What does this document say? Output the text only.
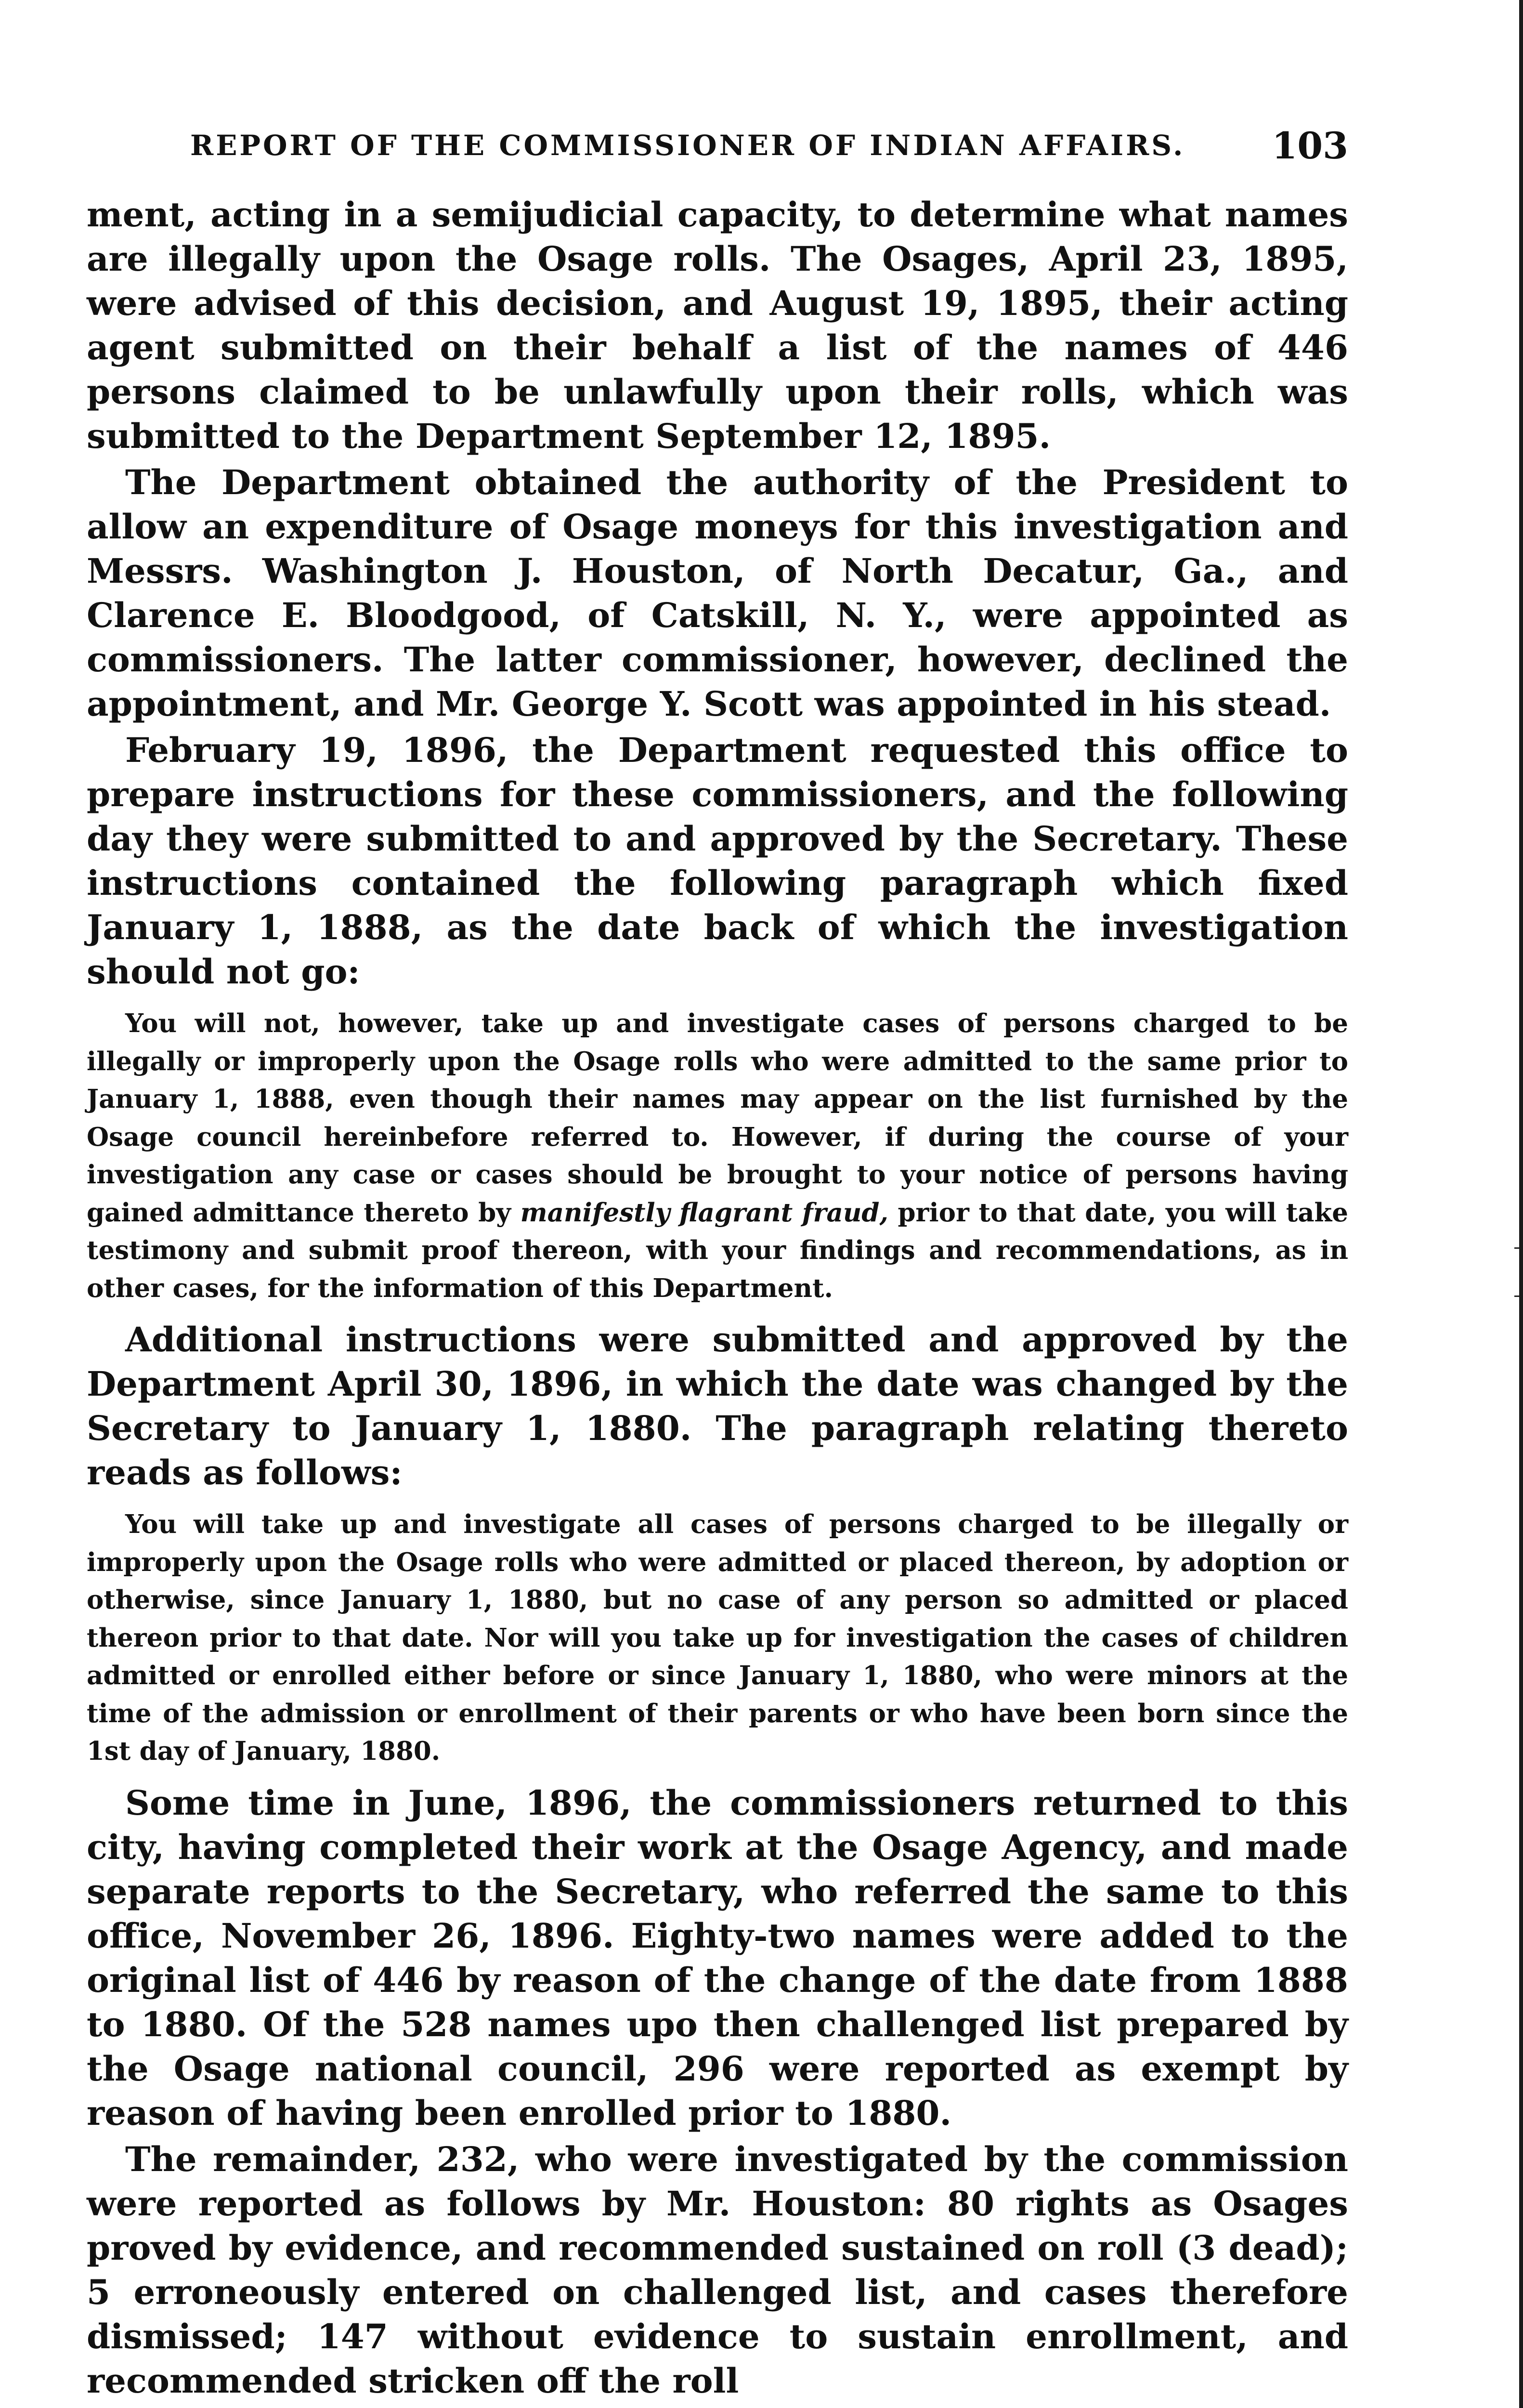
REPORT OF THE COMMISSIONER OF INDIAN AFFAIRS. 103

ment, acting in a semijudicial capacity, to determine what names are illegally upon the Osage rolls. The Osages, April 23, 1895, were advised of this decision, and August 19, 1895, their acting agent submitted on their behalf a list of the names of 446 persons claimed to be unlawfully upon their rolls, which was submitted to the Department September 12, 1895.

The Department obtained the authority of the President to allow an expenditure of Osage moneys for this investigation and Messrs. Washington J. Houston, of North Decatur, Ga., and Clarence E. Bloodgood, of Catskill, N. Y., were appointed as commissioners. The latter commissioner, however, declined the appointment, and Mr. George Y. Scott was appointed in his stead.

February 19, 1896, the Department requested this office to prepare instructions for these commissioners, and the following day they were submitted to and approved by the Secretary. These instructions contained the following paragraph which fixed January 1, 1888, as the date back of which the investigation should not go:

You will not, however, take up and investigate cases of persons charged to be illegally or improperly upon the Osage rolls who were admitted to the same prior to January 1, 1888, even though their names may appear on the list furnished by the Osage council hereinbefore referred to. However, if during the course of your investigation any case or cases should be brought to your notice of persons having gained admittance thereto by manifestly flagrant fraud, prior to that date, you will take testimony and submit proof thereon, with your findings and recommendations, as in other cases, for the information of this Department.

Additional instructions were submitted and approved by the Department April 30, 1896, in which the date was changed by the Secretary to January 1, 1880. The paragraph relating thereto reads as follows:

You will take up and investigate all cases of persons charged to be illegally or improperly upon the Osage rolls who were admitted or placed thereon, by adoption or otherwise, since January 1, 1880, but no case of any person so admitted or placed thereon prior to that date. Nor will you take up for investigation the cases of children admitted or enrolled either before or since January 1, 1880, who were minors at the time of the admission or enrollment of their parents or who have been born since the 1st day of January, 1880.

Some time in June, 1896, the commissioners returned to this city, having completed their work at the Osage Agency, and made separate reports to the Secretary, who referred the same to this office, November 26, 1896. Eighty-two names were added to the original list of 446 by reason of the change of the date from 1888 to 1880. Of the 528 names upo then challenged list prepared by the Osage national council, 296 were reported as exempt by reason of having been enrolled prior to 1880.

The remainder, 232, who were investigated by the commission were reported as follows by Mr. Houston: 80 rights as Osages proved by evidence, and recommended sustained on roll (3 dead); 5 erroneously entered on challenged list, and cases therefore dismissed; 147 without evidence to sustain enrollment, and recommended stricken off the roll
